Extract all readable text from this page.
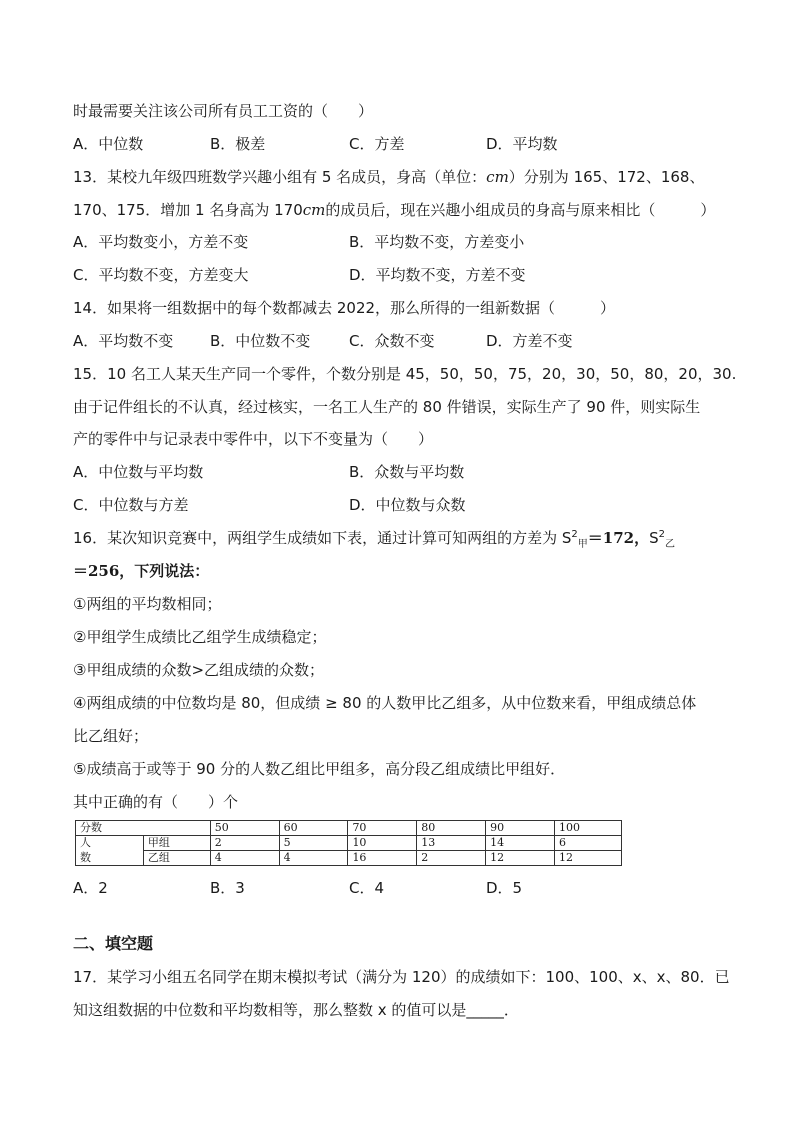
时最需要关注该公司所有员工工资的（　　）
A．中位数	B．极差	C．方差	D．平均数
13．某校九年级四班数学兴趣小组有 5 名成员，身高（单位：cm）分别为 165、172、168、
170、175．增加 1 名身高为 170cm的成员后，现在兴趣小组成员的身高与原来相比（　　　）
A．平均数变小，方差不变	B．平均数不变，方差变小
C．平均数不变，方差变大	D．平均数不变，方差不变
14．如果将一组数据中的每个数都减去 2022，那么所得的一组新数据（　　　）
A．平均数不变 B．中位数不变	C．众数不变	D．方差不变
15．10 名工人某天生产同一个零件，个数分别是 45，50，50，75，20，30，50，80，20，30.
由于记件组长的不认真，经过核实，一名工人生产的 80 件错误，实际生产了 90 件，则实际生
产的零件中与记录表中零件中，以下不变量为（　　）
A．中位数与平均数	B．众数与平均数
C．中位数与方差	D．中位数与众数
16．某次知识竞赛中，两组学生成绩如下表，通过计算可知两组的方差为 $S^2_甲=172$，$S^2_乙$
＝256，下列说法：
①两组的平均数相同；
②甲组学生成绩比乙组学生成绩稳定；
③甲组成绩的众数>乙组成绩的众数；
④两组成绩的中位数均是 80，但成绩 ≥ 80 的人数甲比乙组多，从中位数来看，甲组成绩总体
比乙组好；
⑤成绩高于或等于 90 分的人数乙组比甲组多，高分段乙组成绩比甲组好．
其中正确的有（　　）个
分数		50	60	70	80	90	100
人	甲组	2	5	10	13	14	6
数	乙组	4	4	16	2	12	12
A．2	B．3	C．4	D．5
二、填空题
17．某学习小组五名同学在期末模拟考试（满分为 120）的成绩如下：100、100、x、x、80．已
知这组数据的中位数和平均数相等，那么整数 x 的值可以是_____．
